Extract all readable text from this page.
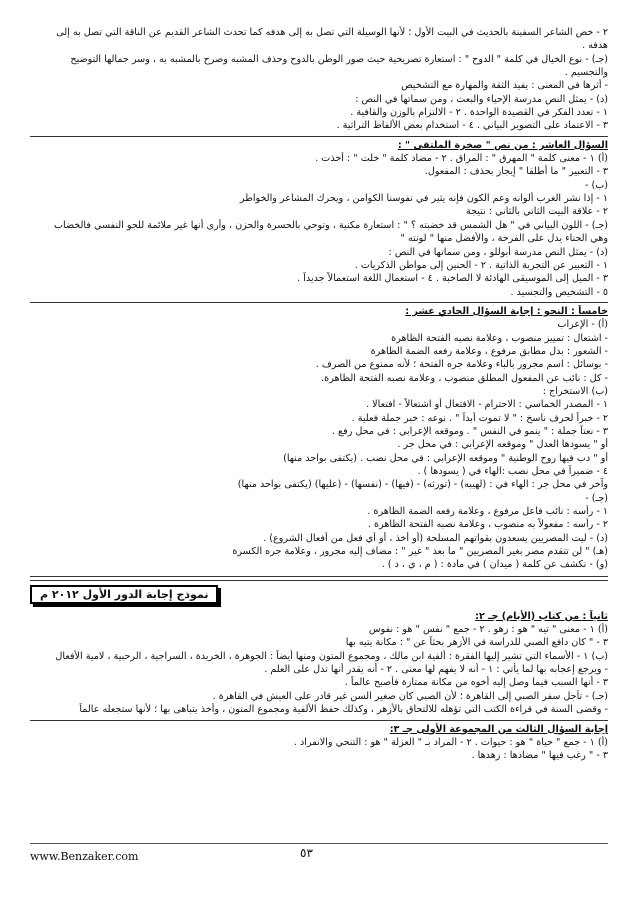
٢ - خص الشاعر السفينة بالحديث في البيت الأول ؛ لأنها الوسيلة التي تصل به إلى هدفه كما تحدث الشاعر القديم عن الناقة التي تصل به إلى
هدفه .
(جـ) - نوع الخيال في كلمة " الدوح " : استعارة تصريحية حيث صور الوطن بالدوح وحذف المشبه وصرح بالمشبه به ، وسر جمالها التوضيح
والتجسيم .
- أثرها في المعنى : يفيد الثقة والمهارة مع التشخيص
(د) - يمثل النص مدرسة الإحياء والبعث ، ومن سماتها في النص :
١ - تعدد الفكر في القصيدة الواحدة . ٢ - الالتزام بالوزن والقافية .
٣ - الاعتماد على التصوير البياني . ٤ - استخدام بعض الألفاظ التراثية .
السؤال العاشر : من نص " صخرة الملتقى " :
(أ) ١ - معنى كلمة " المهرق " : المراق . ٢ - مضاد كلمة " خلت " : أخذت .
٣ - التعبير " ما أطلقا " إيجاز بحذف : المفعول.
(ب) -
١ - إذا نشر الغرب ألوانه وعم الكون فإنه يثير في نفوسنا الكوامن ، ويحرك المشاعر والخواطر
٢ - علاقة البيت الثاني بالثاني : نتيجة
(جـ) - اللون البياني في " هل الشمس قد خضبته ؟ " : استعارة مكنية ، وتوحي بالحسرة والحزن ، وأرى أنها غير ملائمة للجو النفسي فالخضاب
وهي الحناء يدل على الفرحة ، والأفضل منها " لونته "
(د) - يمثل النص مدرسة أبوللو ، ومن سماتها في النص :
١ - التعبير عن التجربة الذاتية . ٢ - الحنين إلى مواطن الذكريات .
٣ - الميل إلى الموسيقى الهادئة لا الصاخبة . ٤ - استعمال اللغة استعمالاً جديداً .
٥ - التشخيص والتجسيد .
خامساً : النحو : إجابة السؤال الحادي عشر :
(أ) - الإعراب
- اشتعال : تمييز منصوب ، وعلامة نصبه الفتحة الظاهرة
- الشعور : بدل مطابق مرفوع ، وعلامة رفعه الضمة الظاهرة
- بوسائل : اسم مجرور بالباء وعلامة جره الفتحة ؛ لأنه ممنوع من الصرف .
- كل : نائب عن المفعول المطلق منصوب ، وعلامة نصبه الفتحة الظاهرة.
(ب) الاستخراج :
١ - المصدر الخماسي : الاحترام - الافتعال أو اشتعالاً - افتعالا .
٢ - خبراً لحرف ناسخ : " لا تموت أبداً " . نوعه : خبر جملة فعلية .
٣ - نعتاً جملة : " ينمو في النفس " . وموقعه الإعرابي : في محل رفع .
أو " يسودها العدل " وموقعه الإعرابي : في محل جر .
أو " دب فيها روح الوطنية " وموقعه الإعرابي : في محل نصب . (يكتفى بواحد منها)
٤ - ضميراً في محل نصب :الهاء في ( يسودها ) .
وآخر في محل جر : الهاء في : (لهيبه) - (تورثه) - (فيها) - (نفسها) - (عليها) (يكتفى بواحد منها)
(جـ) -
١ - رأسه : نائب فاعل مرفوع ، وعلامة رفعه الضمة الظاهرة .
٢ - رأسه : مفعولاً به منصوب ، وعلامة نصبه الفتحة الظاهرة .
(د) - ليت المصريين يسعدون بقواتهم المسلحة (أو أخذ ، أو أي فعل من أفعال الشروع) .
(هـ) " لن تتقدم مصر بغير المصريين " ما بعد " غير " : مضاف إليه مجرور ، وعلامة جره الكسرة
(و) - نكشف عن كلمة ( ميدان ) في مادة : ( م ، ي ، د ) .
نموذج إجابة الدور الأول ٢٠١٢ م
ثانياً : من كتاب (الأيام) جـ ٢:
(أ) ١ - معنى " تيه " هو : زهو . ٢ - جمع " نفس " هو : نفوس
٣ - " كان دافع الصبي للدراسة في الأزهر بحثاً عن " : مكانة يتيه بها
(ب) ١ - الأسماء التي تشير إليها الفقرة : ألفية ابن مالك ، ومجموع المتون ومنها أيضاً : الجوهرة ، الخريدة ، السراجية ، الرحبية ، لامية الأفعال
- ويرجع إعجابه بها لما يأتي : ١ - أنه لا يفهم لها معنى . ٢ - أنه يقدر أنها تدل على العلم .
٣ - أنها السبب فيما وصل إليه أخوه من مكانة ممتازة فأصبح عالماً .
(جـ) - تأجل سفر الصبي إلى القاهرة ؛ لأن الصبي كان صغير السن غير قادر على العيش في القاهرة .
- وقضى السنة في قراءة الكتب التي تؤهله للالتحاق بالأزهر ، وكذلك حفظ الألفية ومجموع المتون ، وأخذ يتباهى بها ؛ لأنها ستجعله عالماً
إجابة السؤال الثالث من المجموعة الأولى جـ ٣:
(أ) ١ - جمع " حياة " هو : حيوات . ٢ - المراد بـ " العزلة " هو : التنحي والانفراد .
٣ - " رغب فيها " مضادها : زهدها .
www.Benzaker.com	٥٣
